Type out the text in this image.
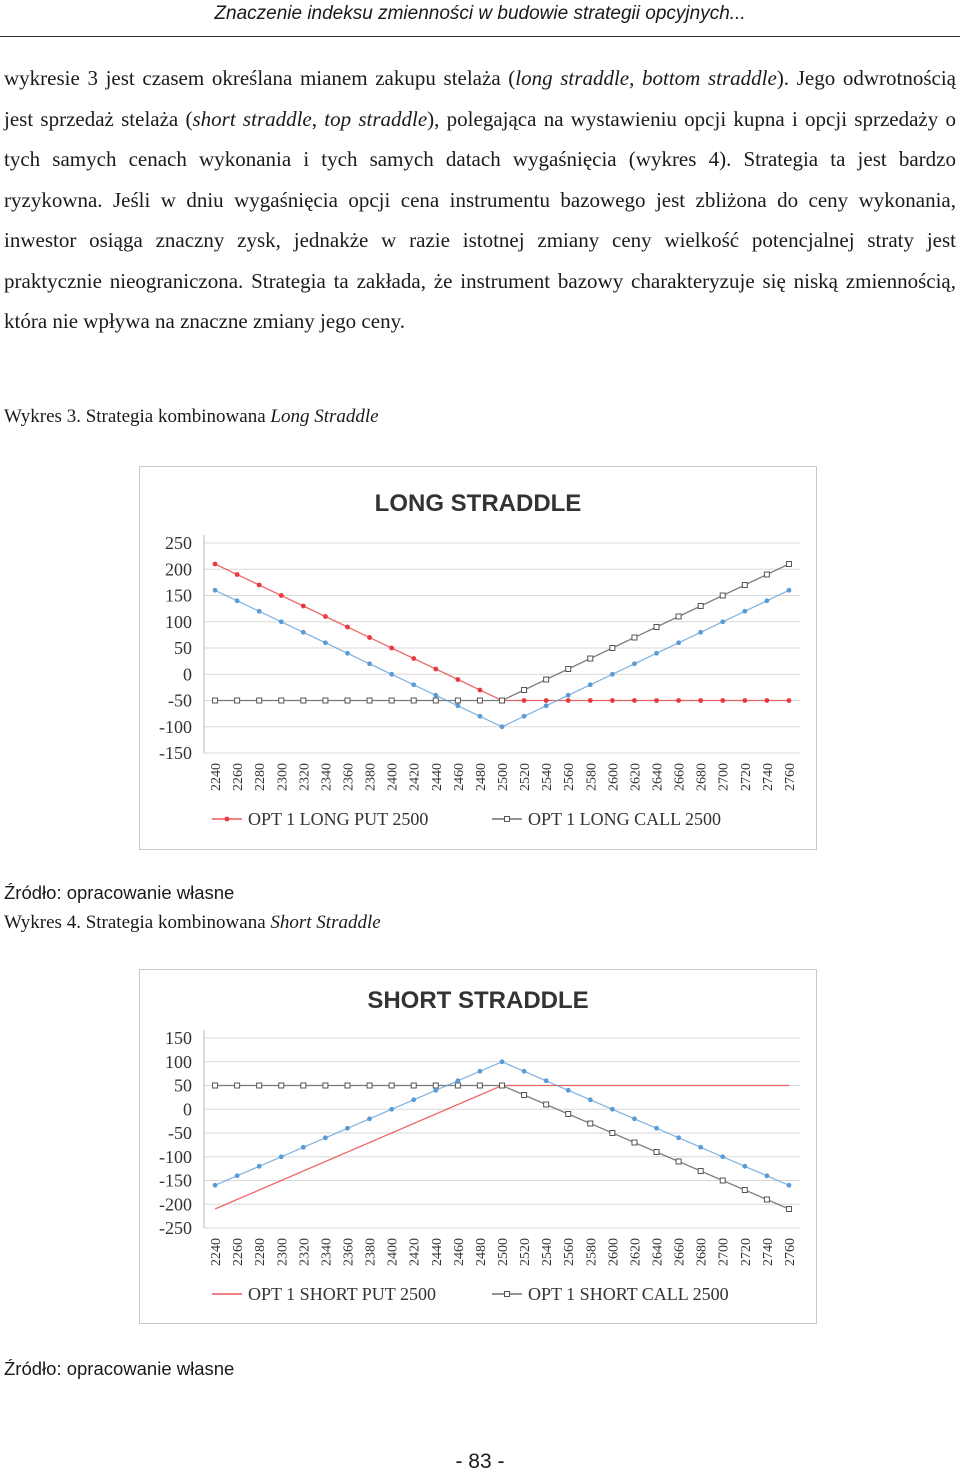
Znaczenie indeksu zmienności w budowie strategii opcyjnych...

wykresie 3 jest czasem określana mianem zakupu stelaża (long straddle, bottom straddle). Jego odwrotnością jest sprzedaż stelaża (short straddle, top straddle), polegająca na wystawieniu opcji kupna i opcji sprzedaży o tych samych cenach wykonania i tych samych datach wygaśnięcia (wykres 4). Strategia ta jest bardzo ryzykowna. Jeśli w dniu wygaśnięcia opcji cena instrumentu bazowego jest zbliżona do ceny wykonania, inwestor osiąga znaczny zysk, jednakże w razie istotnej zmiany ceny wielkość potencjalnej straty jest praktycznie nieograniczona. Strategia ta zakłada, że instrument bazowy charakteryzuje się niską zmiennością, która nie wpływa na znaczne zmiany jego ceny.

Wykres 3. Strategia kombinowana Long Straddle

LONG STRADDLE
250
200
150
100
50
0
-50
-100
-150
2240 2260 2280 2300 2320 2340 2360 2380 2400 2420 2440 2460 2480 2500 2520 2540 2560 2580 2600 2620 2640 2660 2680 2700 2720 2740 2760
OPT 1 LONG PUT 2500	OPT 1 LONG CALL 2500

Źródło: opracowanie własne

Wykres 4. Strategia kombinowana Short Straddle

SHORT STRADDLE
150
100
50
0
-50
-100
-150
-200
-250
2240 2260 2280 2300 2320 2340 2360 2380 2400 2420 2440 2460 2480 2500 2520 2540 2560 2580 2600 2620 2640 2660 2680 2700 2720 2740 2760
OPT 1 SHORT PUT 2500	OPT 1 SHORT CALL 2500

Źródło: opracowanie własne

- 83 -
